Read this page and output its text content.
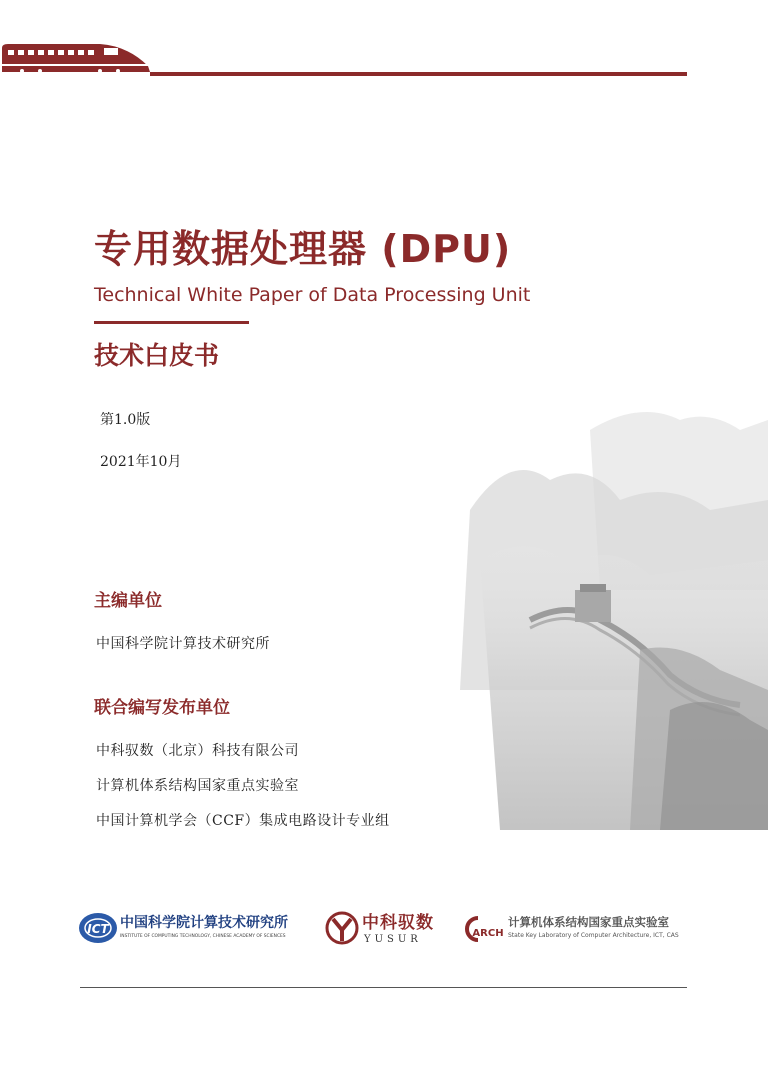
专用数据处理器 (DPU)
Technical White Paper of Data Processing Unit
技术白皮书
第1.0版
2021年10月
主编单位
中国科学院计算技术研究所
联合编写发布单位
中科驭数（北京）科技有限公司
计算机体系结构国家重点实验室
中国计算机学会（CCF）集成电路设计专业组
ICT 中国科学院计算技术研究所
INSTITUTE OF COMPUTING TECHNOLOGY, CHINESE ACADEMY OF SCIENCES
中科驭数
YUSUR
ARCH
计算机体系结构国家重点实验室
State Key Laboratory of Computer Architecture, ICT, CAS
